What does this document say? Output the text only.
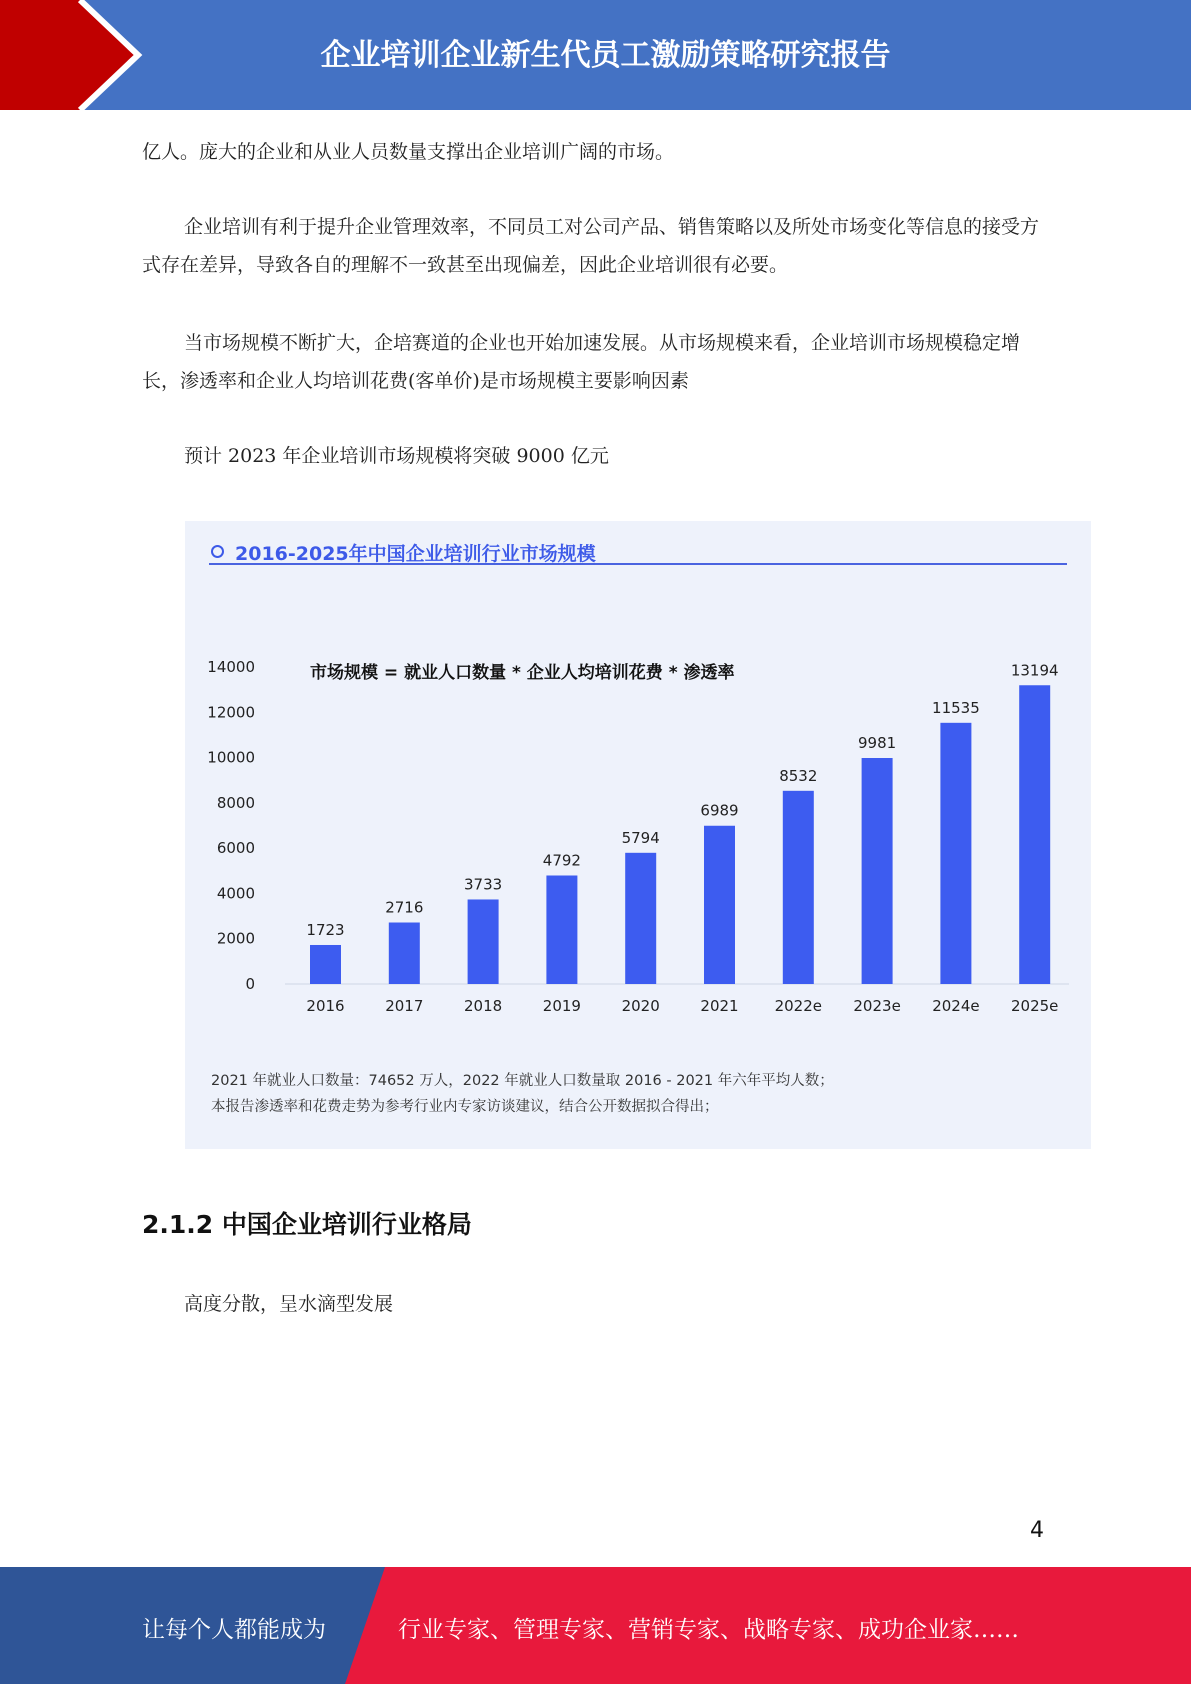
企业培训企业新生代员工激励策略研究报告
亿人。庞大的企业和从业人员数量支撑出企业培训广阔的市场。
企业培训有利于提升企业管理效率，不同员工对公司产品、销售策略以及所处市场变化等信息的接受方式存在差异，导致各自的理解不一致甚至出现偏差，因此企业培训很有必要。
当市场规模不断扩大，企培赛道的企业也开始加速发展。从市场规模来看，企业培训市场规模稳定增长，渗透率和企业人均培训花费(客单价)是市场规模主要影响因素
预计 2023 年企业培训市场规模将突破 9000 亿元
2016-2025年中国企业培训行业市场规模
0
2000
4000
6000
8000
10000
12000
14000
1723
2016
2716
2017
3733
2018
4792
2019
5794
2020
6989
2021
8532
2022e
9981
2023e
11535
2024e
13194
2025e
市场规模 = 就业人口数量 * 企业人均培训花费 * 渗透率
2021 年就业人口数量：74652 万人，2022 年就业人口数量取 2016 - 2021 年六年平均人数；
本报告渗透率和花费走势为参考行业内专家访谈建议，结合公开数据拟合得出；
2.1.2 中国企业培训行业格局
高度分散，呈水滴型发展
4
让每个人都能成为	行业专家、管理专家、营销专家、战略专家、成功企业家……
